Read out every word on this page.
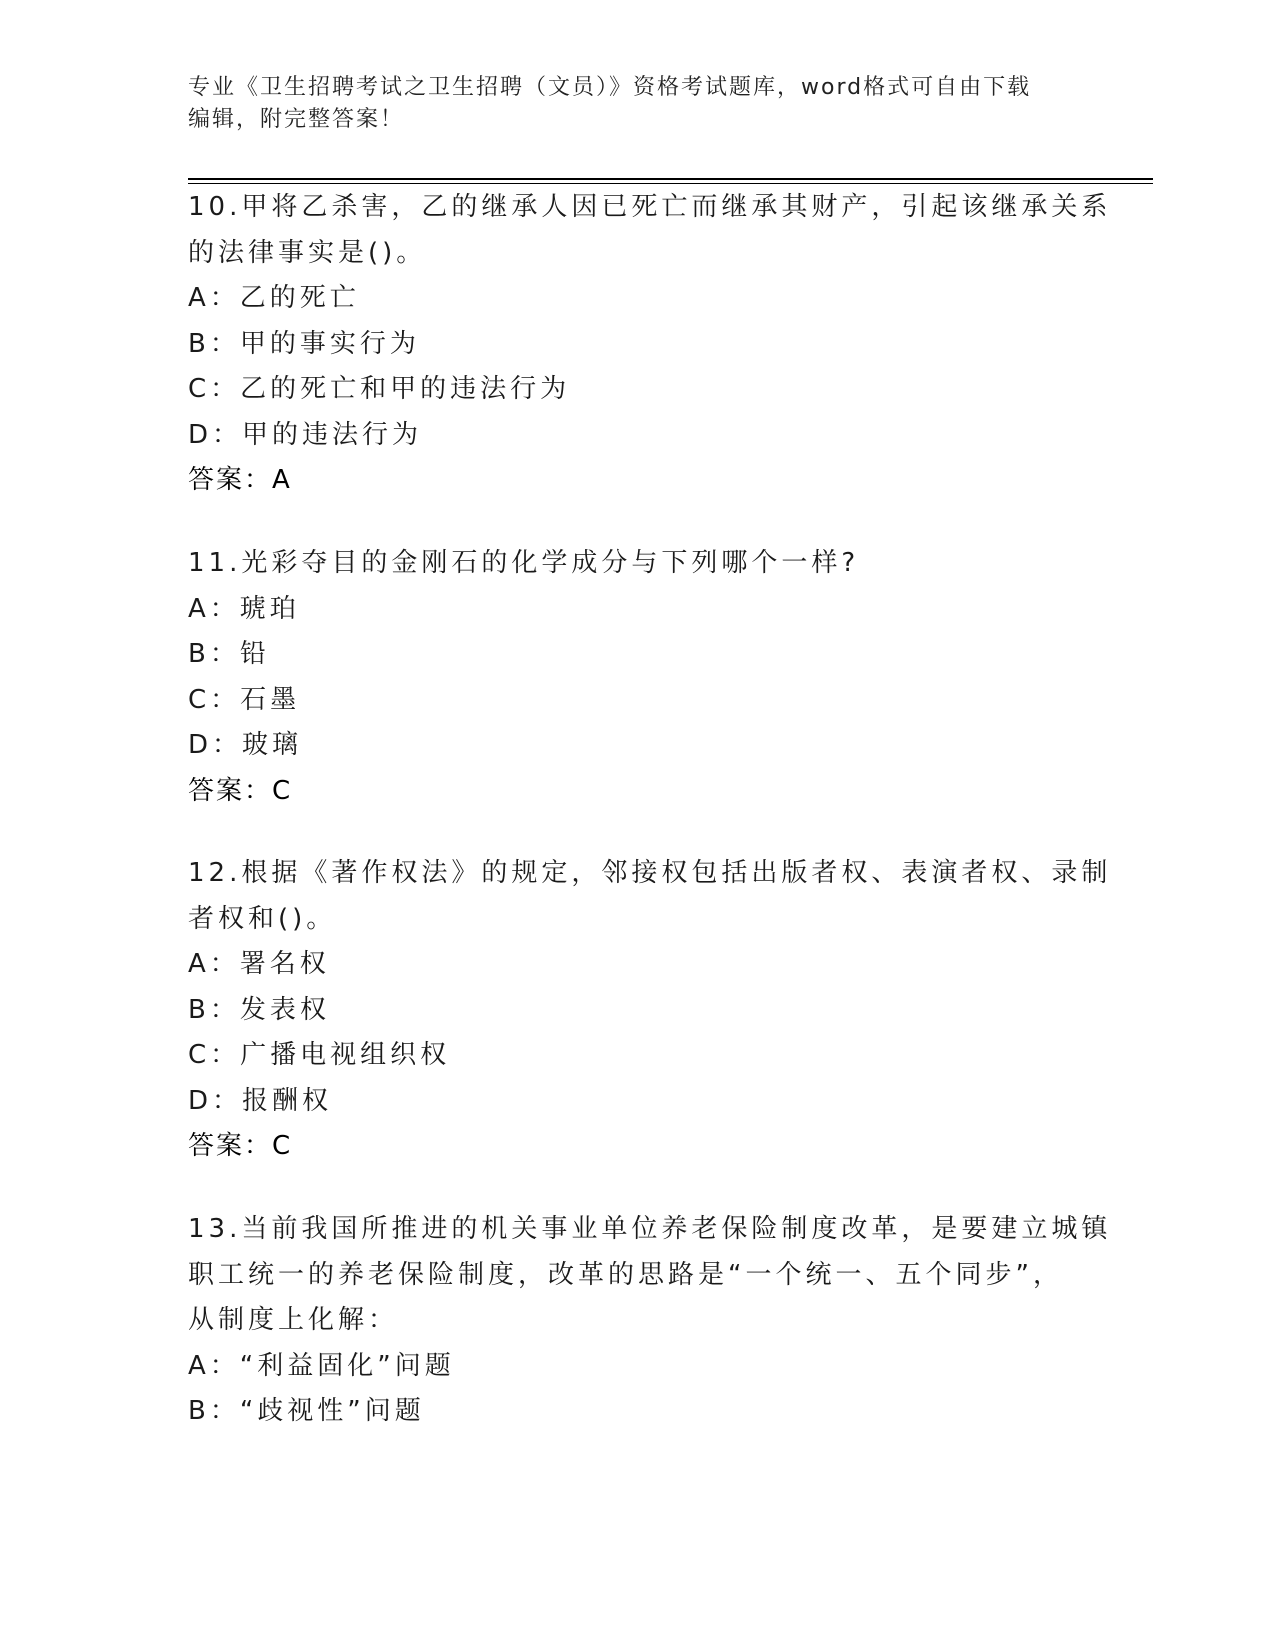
专业《卫生招聘考试之卫生招聘（文员）》资格考试题库，word格式可自由下载
编辑，附完整答案！
10.甲将乙杀害，乙的继承人因已死亡而继承其财产，引起该继承关系
的法律事实是()。
A：乙的死亡
B：甲的事实行为
C：乙的死亡和甲的违法行为
D：甲的违法行为
答案：A
11.光彩夺目的金刚石的化学成分与下列哪个一样?
A：琥珀
B：铅
C：石墨
D：玻璃
答案：C
12.根据《著作权法》的规定，邻接权包括出版者权、表演者权、录制
者权和()。
A：署名权
B：发表权
C：广播电视组织权
D：报酬权
答案：C
13.当前我国所推进的机关事业单位养老保险制度改革，是要建立城镇
职工统一的养老保险制度，改革的思路是“一个统一、五个同步”，
从制度上化解：
A：“利益固化”问题
B：“歧视性”问题
